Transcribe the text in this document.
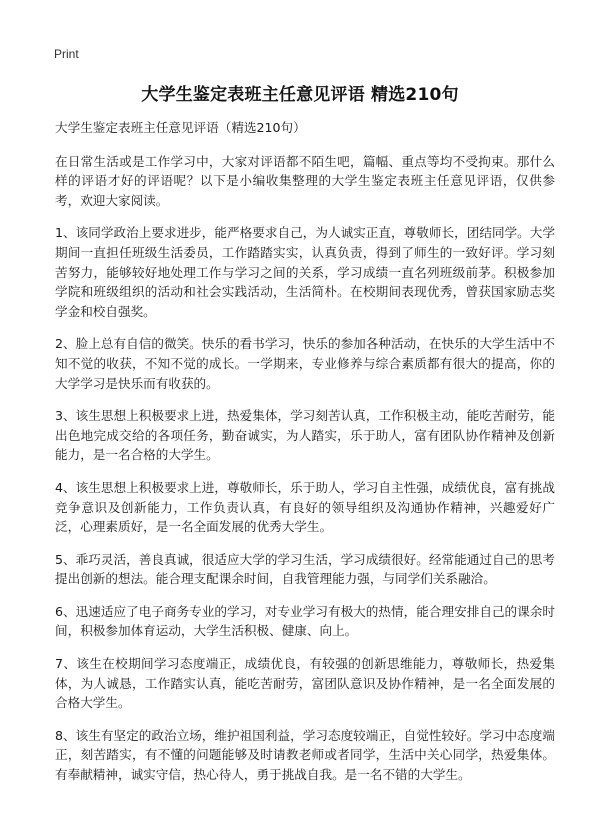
Print
大学生鉴定表班主任意见评语 精选210句

大学生鉴定表班主任意见评语（精选210句）

在日常生活或是工作学习中，大家对评语都不陌生吧，篇幅、重点等均不受拘束。那什么样的评语才好的评语呢？以下是小编收集整理的大学生鉴定表班主任意见评语，仅供参考，欢迎大家阅读。

1、该同学政治上要求进步，能严格要求自己，为人诚实正直，尊敬师长，团结同学。大学期间一直担任班级生活委员，工作踏踏实实，认真负责，得到了师生的一致好评。学习刻苦努力，能够较好地处理工作与学习之间的关系，学习成绩一直名列班级前茅。积极参加学院和班级组织的活动和社会实践活动，生活简朴。在校期间表现优秀，曾获国家励志奖学金和校自强奖。

2、脸上总有自信的微笑。快乐的看书学习，快乐的参加各种活动，在快乐的大学生活中不知不觉的收获，不知不觉的成长。一学期来，专业修养与综合素质都有很大的提高，你的大学学习是快乐而有收获的。

3、该生思想上积极要求上进，热爱集体，学习刻苦认真，工作积极主动，能吃苦耐劳，能出色地完成交给的各项任务，勤奋诚实，为人踏实，乐于助人，富有团队协作精神及创新能力，是一名合格的大学生。

4、该生思想上积极要求上进，尊敬师长，乐于助人，学习自主性强，成绩优良，富有挑战竞争意识及创新能力，工作负责认真，有良好的领导组织及沟通协作精神，兴趣爱好广泛，心理素质好，是一名全面发展的优秀大学生。

5、乖巧灵活，善良真诚，很适应大学的学习生活，学习成绩很好。经常能通过自己的思考提出创新的想法。能合理支配课余时间，自我管理能力强，与同学们关系融洽。

6、迅速适应了电子商务专业的学习，对专业学习有极大的热情，能合理安排自己的课余时间，积极参加体育运动，大学生活积极、健康、向上。

7、该生在校期间学习态度端正，成绩优良，有较强的创新思维能力，尊敬师长，热爱集体，为人诚恳，工作踏实认真，能吃苦耐劳，富团队意识及协作精神，是一名全面发展的合格大学生。

8、该生有坚定的政治立场，维护祖国利益，学习态度较端正，自觉性较好。学习中态度端正，刻苦踏实，有不懂的问题能够及时请教老师或者同学，生活中关心同学，热爱集体。有奉献精神，诚实守信，热心待人，勇于挑战自我。是一名不错的大学生。
